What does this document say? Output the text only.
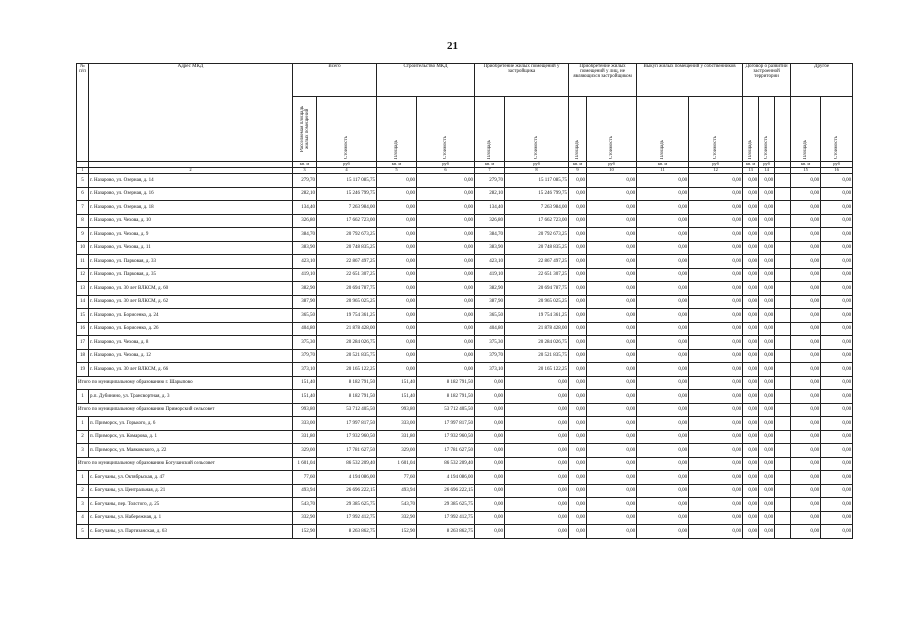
21
№ п/п	Адрес МКД	Всего		Строительство МКД		Приобретение жилых помещений у застройщика		Приобретение жилых помещений у лиц, не являющихся застройщиком		Выкуп жилых помещений у собственников		Договор о развитии застроенной территории			Другое	
		Расселяемая площадь жилых помещений	Стоимость	Площадь	Стоимость	Площадь	Стоимость	Площадь	Стоимость	Площадь	Стоимость	Площадь	Стоимость		Площадь	Стоимость
		кв. м	руб	кв. м	руб	кв. м	руб	кв. м	руб	кв. м	руб	кв. м	руб		кв. м	руб
1	2	3	4	5	6	7	8	9	10	11	12	13	14		15	16
5	г. Назарово, ул. Озерная, д. 14	279,70	15 117 085,75	0,00	0,00	279,70	15 117 085,75	0,00	0,00	0,00	0,00	0,00	0,00		0,00	0,00
6	г. Назарово, ул. Озерная, д. 16	282,10	15 246 799,75	0,00	0,00	282,10	15 246 799,75	0,00	0,00	0,00	0,00	0,00	0,00		0,00	0,00
7	г. Назарово, ул. Озерная, д. 18	134,40	7 263 984,00	0,00	0,00	134,40	7 263 984,00	0,00	0,00	0,00	0,00	0,00	0,00		0,00	0,00
8	г. Назарово, ул. Чехова, д. 10	326,80	17 662 723,00	0,00	0,00	326,80	17 662 723,00	0,00	0,00	0,00	0,00	0,00	0,00		0,00	0,00
9	г. Назарово, ул. Чехова, д. 9	384,70	20 792 673,25	0,00	0,00	384,70	20 792 673,25	0,00	0,00	0,00	0,00	0,00	0,00		0,00	0,00
10	г. Назарово, ул. Чехова, д. 11	383,90	20 748 835,25	0,00	0,00	383,90	20 748 835,25	0,00	0,00	0,00	0,00	0,00	0,00		0,00	0,00
11	г. Назарово, ул. Парковая, д. 33	423,10	22 867 497,25	0,00	0,00	423,10	22 867 497,25	0,00	0,00	0,00	0,00	0,00	0,00		0,00	0,00
12	г. Назарово, ул. Парковая, д. 35	419,10	22 651 307,25	0,00	0,00	419,10	22 651 307,25	0,00	0,00	0,00	0,00	0,00	0,00		0,00	0,00
13	г. Назарово, ул. 30 лет ВЛКСМ, д. 60	382,90	20 694 787,75	0,00	0,00	382,90	20 694 787,75	0,00	0,00	0,00	0,00	0,00	0,00		0,00	0,00
14	г. Назарово, ул. 30 лет ВЛКСМ, д. 62	387,90	20 965 025,25	0,00	0,00	387,90	20 965 025,25	0,00	0,00	0,00	0,00	0,00	0,00		0,00	0,00
15	г. Назарово, ул. Борисенко, д. 24	365,50	19 754 361,25	0,00	0,00	365,50	19 754 361,25	0,00	0,00	0,00	0,00	0,00	0,00		0,00	0,00
16	г. Назарово, ул. Борисенко, д. 26	404,80	21 878 428,00	0,00	0,00	404,80	21 878 428,00	0,00	0,00	0,00	0,00	0,00	0,00		0,00	0,00
17	г. Назарово, ул. Чехова, д. 8	375,30	20 284 026,75	0,00	0,00	375,30	20 284 026,75	0,00	0,00	0,00	0,00	0,00	0,00		0,00	0,00
18	г. Назарово, ул. Чехова, д. 12	379,70	20 521 835,75	0,00	0,00	379,70	20 521 835,75	0,00	0,00	0,00	0,00	0,00	0,00		0,00	0,00
19	г. Назарово, ул. 30 лет ВЛКСМ, д. 66	373,10	20 165 122,25	0,00	0,00	373,10	20 165 122,25	0,00	0,00	0,00	0,00	0,00	0,00		0,00	0,00
Итого по муниципальному образованию г. Шарыпово		151,40	8 182 791,50	151,40	8 182 791,50	0,00	0,00	0,00	0,00	0,00	0,00	0,00	0,00		0,00	0,00
1	р.п. Дубинино, ул. Трансвортная, д. 3	151,40	8 182 791,50	151,40	8 182 791,50	0,00	0,00	0,00	0,00	0,00	0,00	0,00	0,00		0,00	0,00
Итого по муниципальному образованию Приморский сельсовет		993,80	53 712 405,50	993,80	53 712 405,50	0,00	0,00	0,00	0,00	0,00	0,00	0,00	0,00		0,00	0,00
1	п. Приморск, ул. Горького, д. 6	333,00	17 997 817,50	333,00	17 997 817,50	0,00	0,00	0,00	0,00	0,00	0,00	0,00	0,00		0,00	0,00
2	п. Приморск, ул. Комарова, д. 1	331,80	17 932 960,50	331,80	17 932 960,50	0,00	0,00	0,00	0,00	0,00	0,00	0,00	0,00		0,00	0,00
3	п. Приморск, ул. Маяковского, д. 22	329,00	17 781 627,50	329,00	17 781 627,50	0,00	0,00	0,00	0,00	0,00	0,00	0,00	0,00		0,00	0,00
Итого по муниципальному образованию Богучанский сельсовет		1 601,04	86 532 209,40	1 601,04	86 532 209,40	0,00	0,00	0,00	0,00	0,00	0,00	0,00	0,00		0,00	0,00
1	с. Богучаны, ул. Октябрьская, д. 47	77,60	4 194 086,00	77,60	4 194 086,00	0,00	0,00	0,00	0,00	0,00	0,00	0,00	0,00		0,00	0,00
2	с. Богучаны, ул. Центральная, д. 21	493,94	26 696 222,15	493,94	26 696 222,15	0,00	0,00	0,00	0,00	0,00	0,00	0,00	0,00		0,00	0,00
3	с. Богучаны, пер. Толстого, д. 25	543,70	29 385 625,75	543,70	29 385 625,75	0,00	0,00	0,00	0,00	0,00	0,00	0,00	0,00		0,00	0,00
4	с. Богучаны, ул. Набережная, д. 1	332,90	17 992 412,75	332,90	17 992 412,75	0,00	0,00	0,00	0,00	0,00	0,00	0,00	0,00		0,00	0,00
5	с. Богучаны, ул. Партизанская, д. 63	152,90	8 263 862,75	152,90	8 263 862,75	0,00	0,00	0,00	0,00	0,00	0,00	0,00	0,00		0,00	0,00
